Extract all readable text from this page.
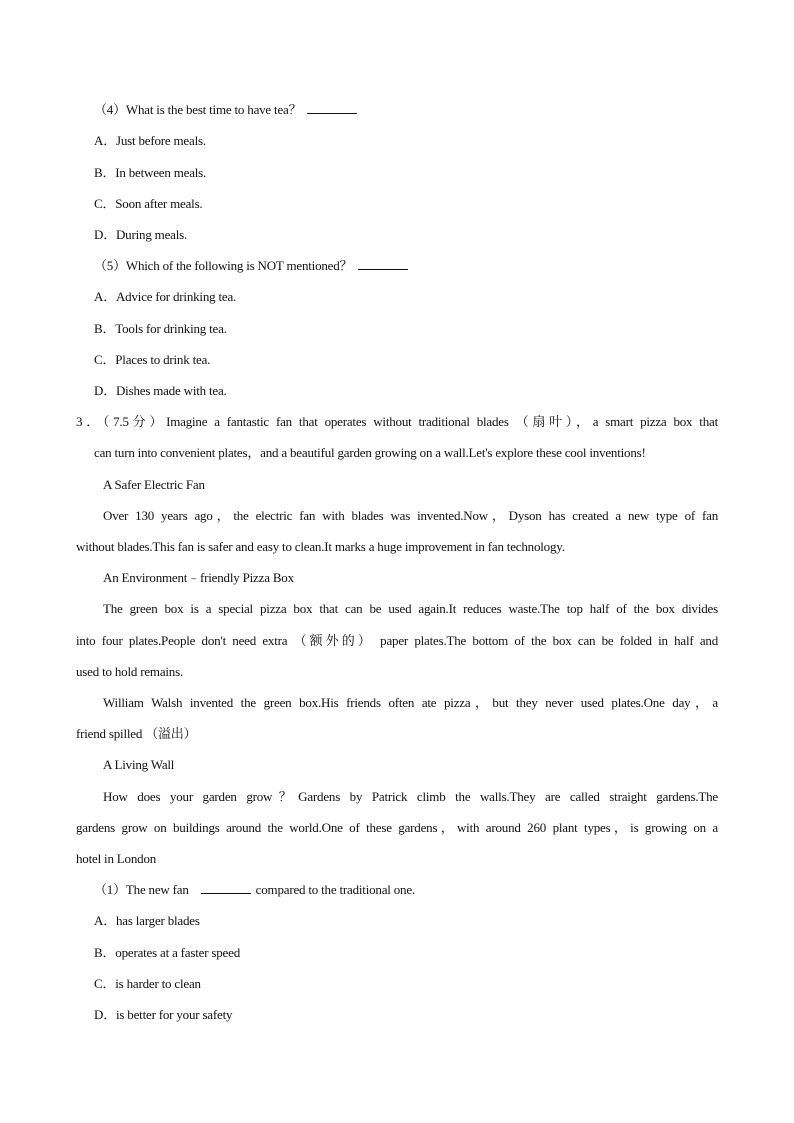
（4）What is the best time to have tea？
A．Just before meals.
B．In between meals.
C．Soon after meals.
D．During meals.
（5）Which of the following is NOT mentioned？
A．Advice for drinking tea.
B．Tools for drinking tea.
C．Places to drink tea.
D．Dishes made with tea.
3．（7.5分）Imagine a fantastic fan that operates without traditional blades （扇叶），a smart pizza box that
can turn into convenient plates，and a beautiful garden growing on a wall.Let's explore these cool inventions!
A Safer Electric Fan
Over 130 years ago，the electric fan with blades was invented.Now，Dyson has created a new type of fan
without blades.This fan is safer and easy to clean.It marks a huge improvement in fan technology.
An Environment﹣friendly Pizza Box
The green box is a special pizza box that can be used again.It reduces waste.The top half of the box divides
into four plates.People don't need extra （额外的） paper plates.The bottom of the box can be folded in half and
used to hold remains.
William Walsh invented the green box.His friends often ate pizza，but they never used plates.One day，a
friend spilled （溢出）
A Living Wall
How does your garden grow？Gardens by Patrick climb the walls.They are called straight gardens.The
gardens grow on buildings around the world.One of these gardens，with around 260 plant types，is growing on a
hotel in London
（1）The new fan	compared to the traditional one.
A．has larger blades
B．operates at a faster speed
C．is harder to clean
D．is better for your safety
